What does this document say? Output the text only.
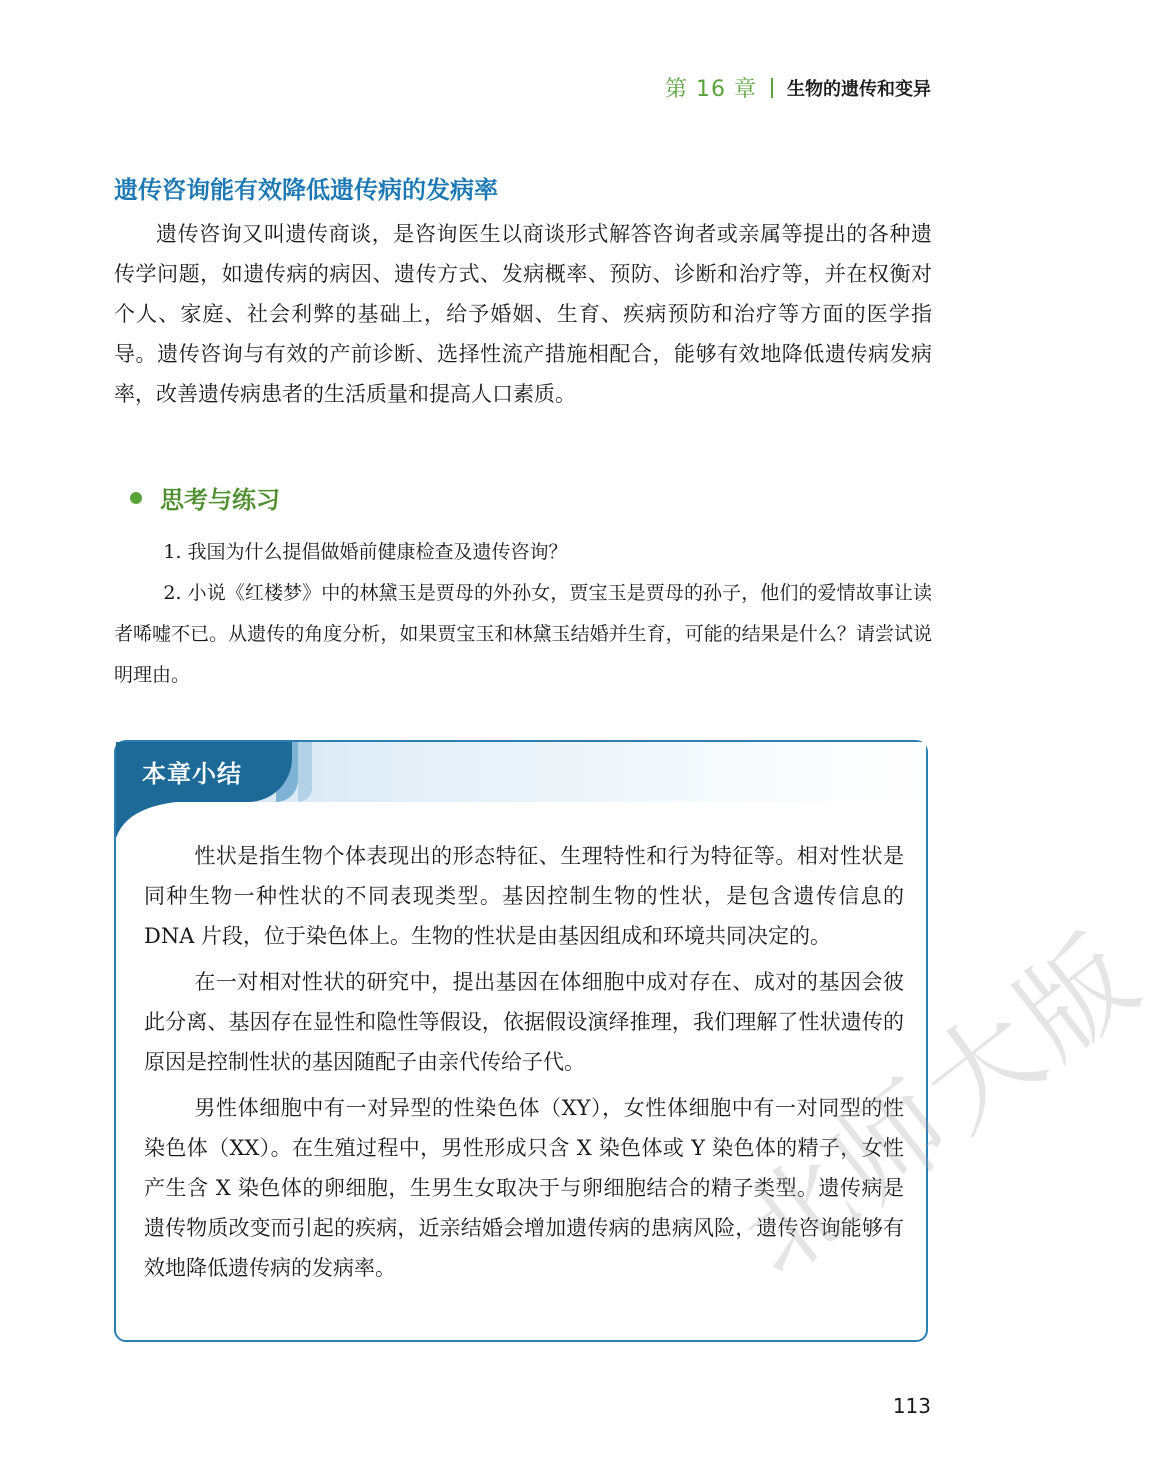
第 16 章 生物的遗传和变异
遗传咨询能有效降低遗传病的发病率

遗传咨询又叫遗传商谈，是咨询医生以商谈形式解答咨询者或亲属等提出的各种遗传学问题，如遗传病的病因、遗传方式、发病概率、预防、诊断和治疗等，并在权衡对个人、家庭、社会利弊的基础上，给予婚姻、生育、疾病预防和治疗等方面的医学指导。遗传咨询与有效的产前诊断、选择性流产措施相配合，能够有效地降低遗传病发病率，改善遗传病患者的生活质量和提高人口素质。

思考与练习

1. 我国为什么提倡做婚前健康检查及遗传咨询？

2. 小说《红楼梦》中的林黛玉是贾母的外孙女，贾宝玉是贾母的孙子，他们的爱情故事让读者唏嘘不已。从遗传的角度分析，如果贾宝玉和林黛玉结婚并生育，可能的结果是什么？请尝试说明理由。

本章小结

性状是指生物个体表现出的形态特征、生理特性和行为特征等。相对性状是同种生物一种性状的不同表现类型。基因控制生物的性状，是包含遗传信息的 DNA 片段，位于染色体上。生物的性状是由基因组成和环境共同决定的。

在一对相对性状的研究中，提出基因在体细胞中成对存在、成对的基因会彼此分离、基因存在显性和隐性等假设，依据假设演绎推理，我们理解了性状遗传的原因是控制性状的基因随配子由亲代传给子代。

男性体细胞中有一对异型的性染色体（XY），女性体细胞中有一对同型的性染色体（XX）。在生殖过程中，男性形成只含 X 染色体或 Y 染色体的精子，女性产生含 X 染色体的卵细胞，生男生女取决于与卵细胞结合的精子类型。遗传病是遗传物质改变而引起的疾病，近亲结婚会增加遗传病的患病风险，遗传咨询能够有效地降低遗传病的发病率。	北师大版
113
